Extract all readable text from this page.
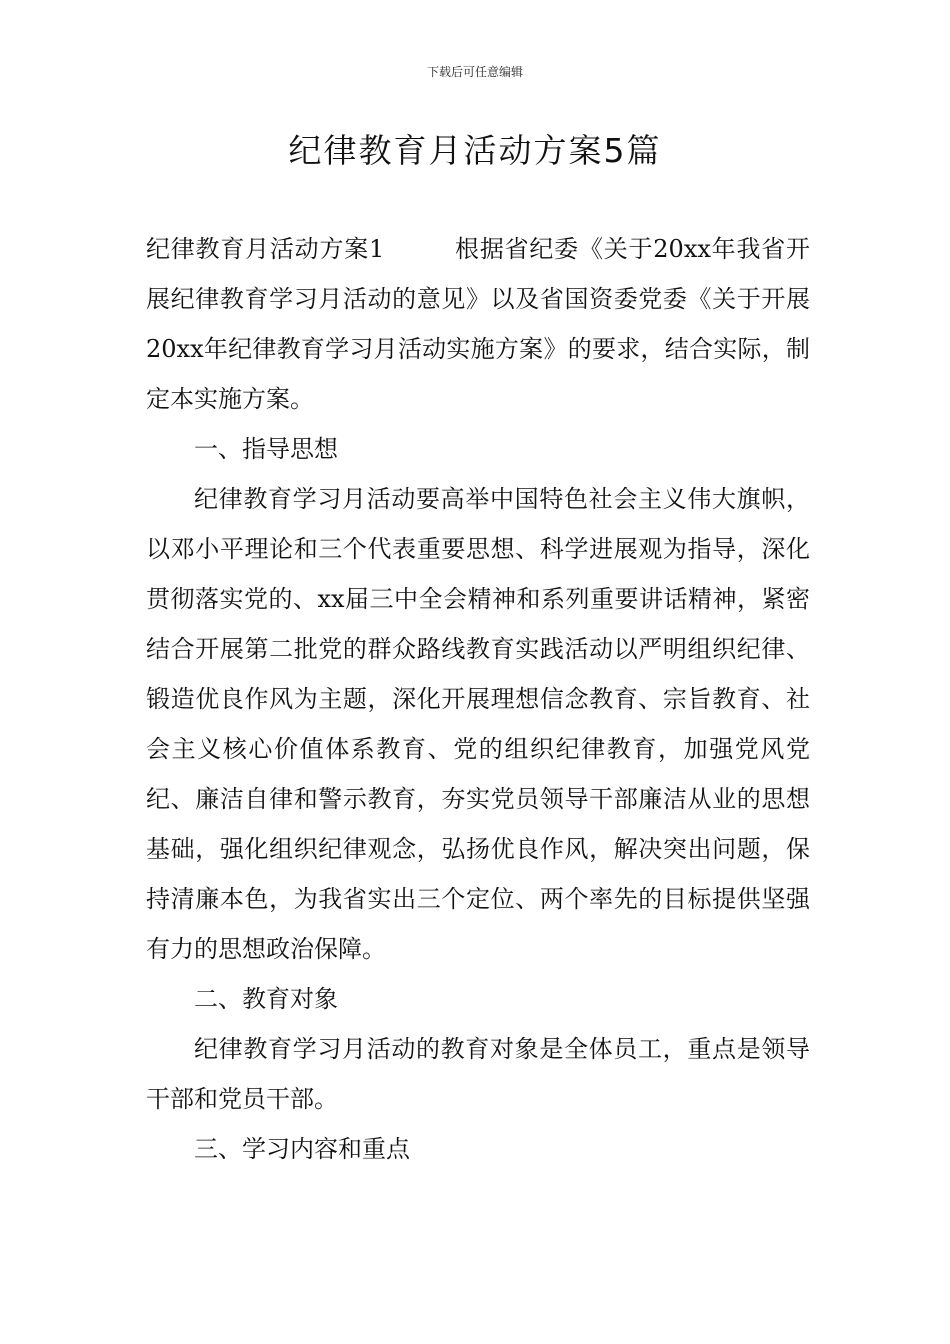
下载后可任意编辑
纪律教育月活动方案5篇

纪律教育月活动方案1	根据省纪委《关于20xx年我省开展纪律教育学习月活动的意见》以及省国资委党委《关于开展20xx年纪律教育学习月活动实施方案》的要求，结合实际，制定本实施方案。

一、指导思想

纪律教育学习月活动要高举中国特色社会主义伟大旗帜，以邓小平理论和三个代表重要思想、科学进展观为指导，深化贯彻落实党的、xx届三中全会精神和系列重要讲话精神，紧密结合开展第二批党的群众路线教育实践活动以严明组织纪律、锻造优良作风为主题，深化开展理想信念教育、宗旨教育、社会主义核心价值体系教育、党的组织纪律教育，加强党风党纪、廉洁自律和警示教育，夯实党员领导干部廉洁从业的思想基础，强化组织纪律观念，弘扬优良作风，解决突出问题，保持清廉本色，为我省实出三个定位、两个率先的目标提供坚强有力的思想政治保障。

二、教育对象

纪律教育学习月活动的教育对象是全体员工，重点是领导干部和党员干部。

三、学习内容和重点
